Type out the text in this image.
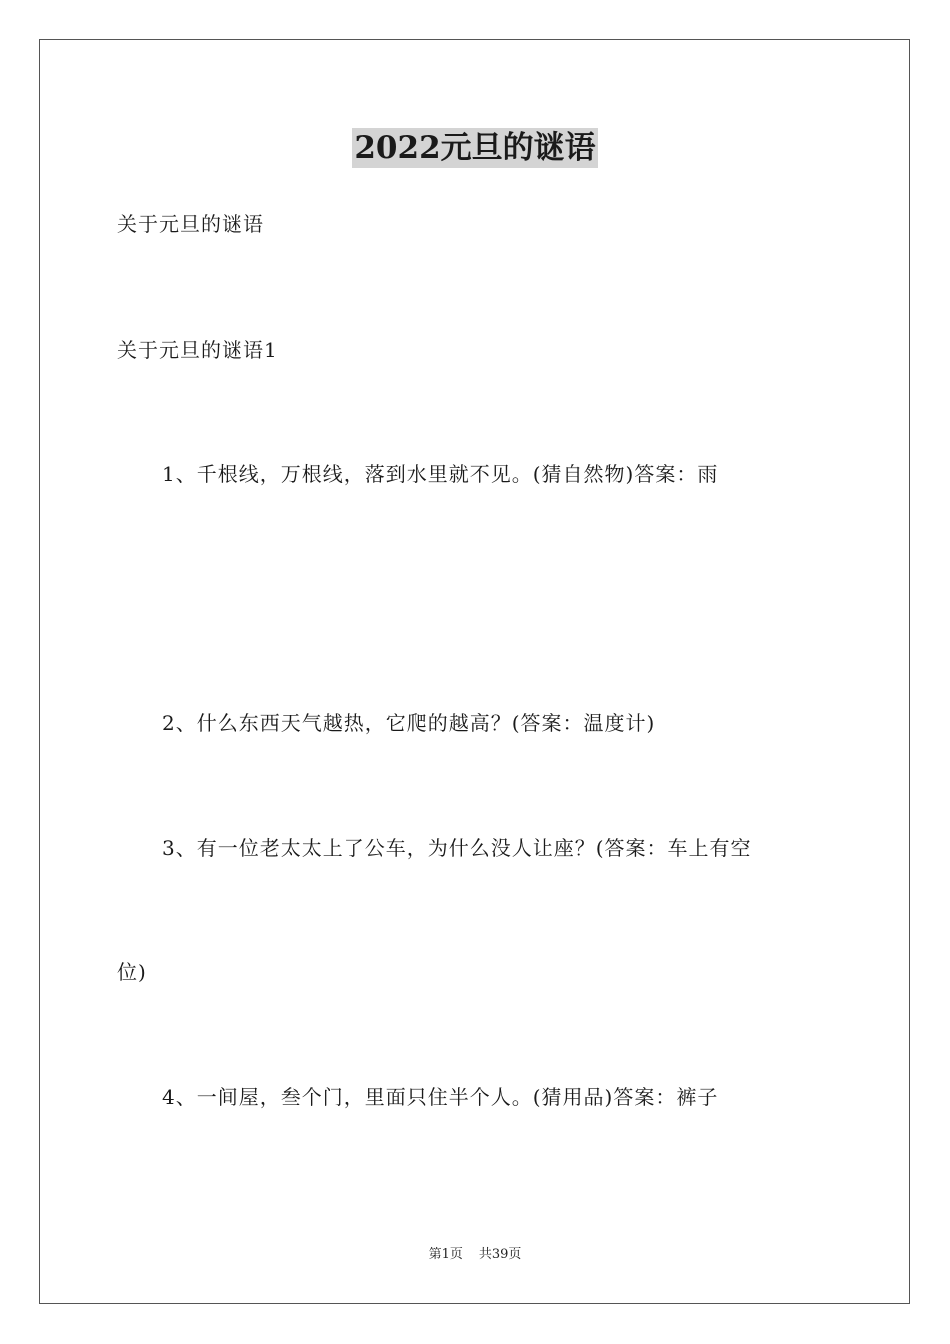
2022元旦的谜语
关于元旦的谜语
关于元旦的谜语1
1、千根线，万根线，落到水里就不见。(猜自然物)答案：雨
2、什么东西天气越热，它爬的越高？(答案：温度计)
3、有一位老太太上了公车，为什么没人让座？(答案：车上有空
位)
4、一间屋，叁个门，里面只住半个人。(猜用品)答案：裤子
第1页 共39页
